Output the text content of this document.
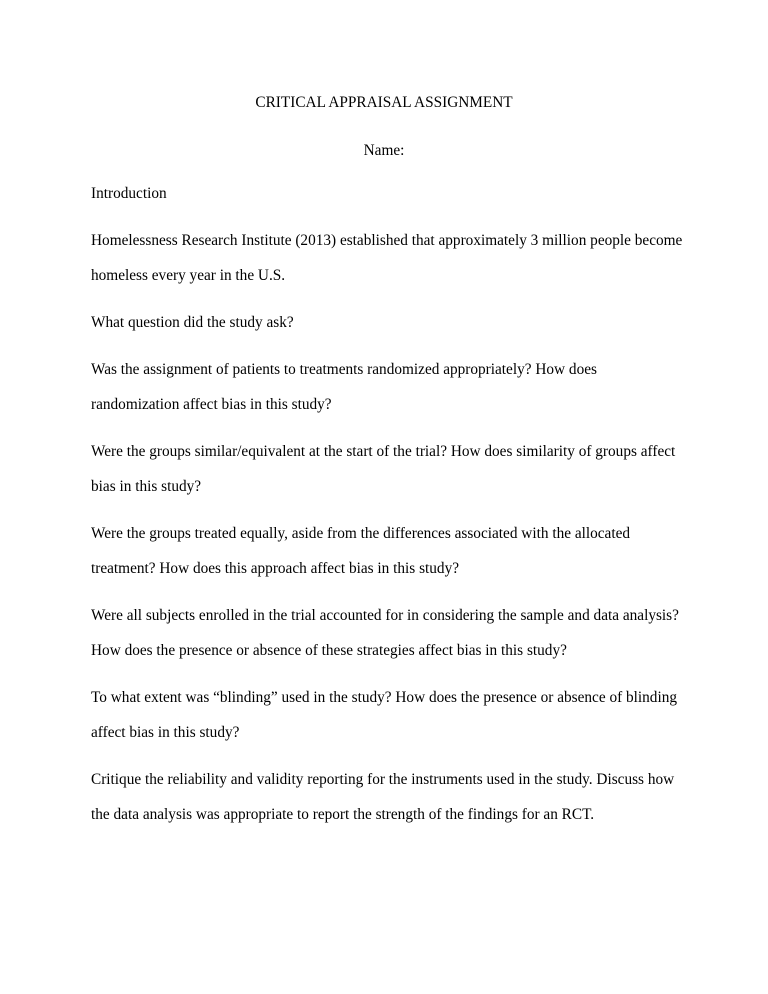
CRITICAL APPRAISAL ASSIGNMENT
Name:
Introduction
Homelessness Research Institute (2013) established that approximately 3 million people become
homeless every year in the U.S.
What question did the study ask?
Was the assignment of patients to treatments randomized appropriately? How does
randomization affect bias in this study?
Were the groups similar/equivalent at the start of the trial? How does similarity of groups affect
bias in this study?
Were the groups treated equally, aside from the differences associated with the allocated
treatment? How does this approach affect bias in this study?
Were all subjects enrolled in the trial accounted for in considering the sample and data analysis?
How does the presence or absence of these strategies affect bias in this study?
To what extent was “blinding” used in the study? How does the presence or absence of blinding
affect bias in this study?
Critique the reliability and validity reporting for the instruments used in the study. Discuss how
the data analysis was appropriate to report the strength of the findings for an RCT.
